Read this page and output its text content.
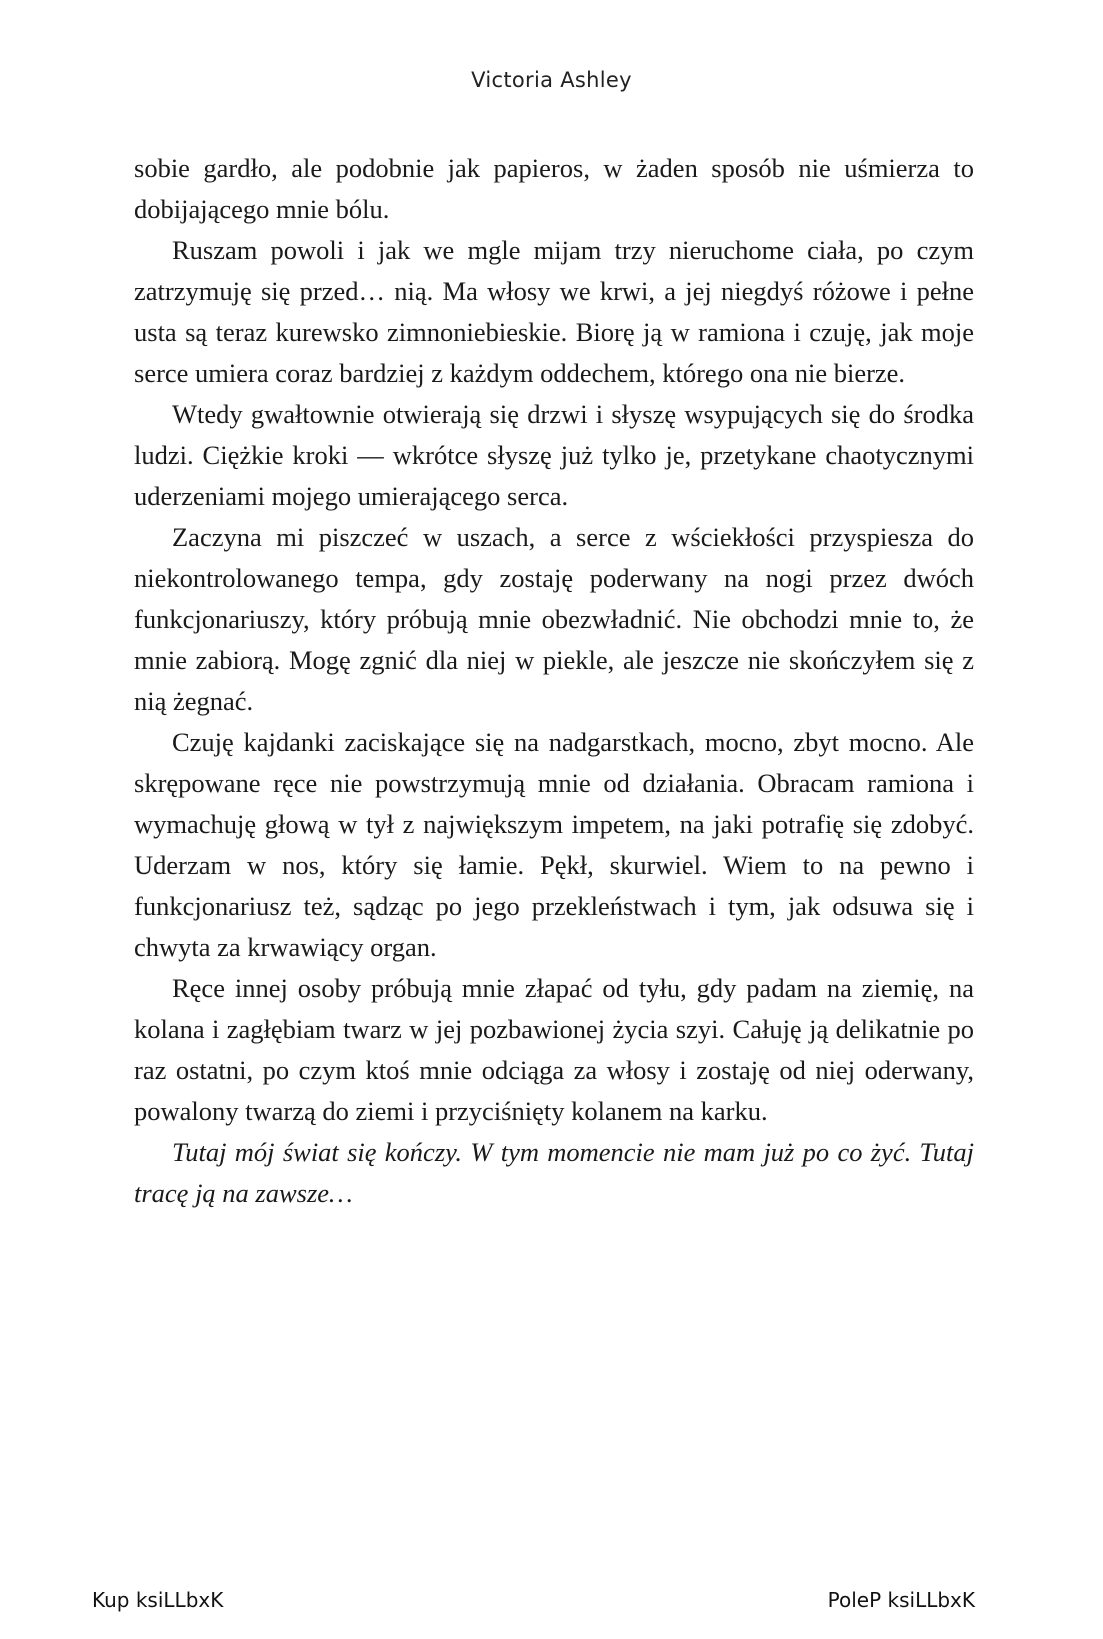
Victoria Ashley

sobie gardło, ale podobnie jak papieros, w żaden sposób nie uśmierza to dobijającego mnie bólu.

Ruszam powoli i jak we mgle mijam trzy nieruchome ciała, po czym zatrzymuję się przed… nią. Ma włosy we krwi, a jej niegdyś różowe i pełne usta są teraz kurewsko zimnoniebieskie. Biorę ją w ramiona i czuję, jak moje serce umiera coraz bardziej z każdym oddechem, którego ona nie bierze.

Wtedy gwałtownie otwierają się drzwi i słyszę wsypujących się do środka ludzi. Ciężkie kroki — wkrótce słyszę już tylko je, przetykane chaotycznymi uderzeniami mojego umierającego serca.

Zaczyna mi piszczeć w uszach, a serce z wściekłości przyspiesza do niekontrolowanego tempa, gdy zostaję poderwany na nogi przez dwóch funkcjonariuszy, który próbują mnie obezwładnić. Nie obchodzi mnie to, że mnie zabiorą. Mogę zgnić dla niej w piekle, ale jeszcze nie skończyłem się z nią żegnać.

Czuję kajdanki zaciskające się na nadgarstkach, mocno, zbyt mocno. Ale skrępowane ręce nie powstrzymują mnie od działania. Obracam ramiona i wymachuję głową w tył z największym impetem, na jaki potrafię się zdobyć. Uderzam w nos, który się łamie. Pękł, skurwiel. Wiem to na pewno i funkcjonariusz też, sądząc po jego przekleństwach i tym, jak odsuwa się i chwyta za krwawiący organ.

Ręce innej osoby próbują mnie złapać od tyłu, gdy padam na ziemię, na kolana i zagłębiam twarz w jej pozbawionej życia szyi. Całuję ją delikatnie po raz ostatni, po czym ktoś mnie odciąga za włosy i zostaję od niej oderwany, powalony twarzą do ziemi i przyciśnięty kolanem na karku.

Tutaj mój świat się kończy. W tym momencie nie mam już po co żyć. Tutaj tracę ją na zawsze…

Kup ksiLLbxK	PoleP ksiLLbxK
